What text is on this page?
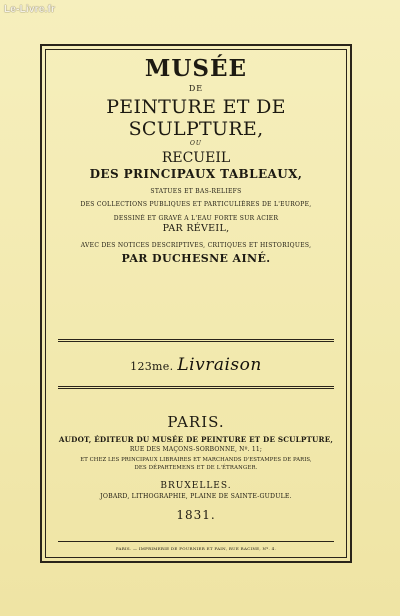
Le-Livre.fr
MUSÉE
DE
PEINTURE ET DE SCULPTURE,
OU
RECUEIL
DES PRINCIPAUX TABLEAUX,
STATUES ET BAS-RELIEFS
DES COLLECTIONS PUBLIQUES ET PARTICULIÈRES DE L'EUROPE,
DESSINÉ ET GRAVÉ A L'EAU FORTE SUR ACIER
PAR RÉVEIL,
AVEC DES NOTICES DESCRIPTIVES, CRITIQUES ET HISTORIQUES,
PAR DUCHESNE AINÉ.
123me. Livraison
PARIS.
AUDOT, ÉDITEUR DU MUSÉE DE PEINTURE ET DE SCULPTURE,
RUE DES MAÇONS-SORBONNE, Nº. 11;
ET CHEZ LES PRINCIPAUX LIBRAIRES ET MARCHANDS D'ESTAMPES DE PARIS,
DES DÉPARTEMENS ET DE L'ÉTRANGER.
BRUXELLES.
JOBARD, LITHOGRAPHIE, PLAINE DE SAINTE-GUDULE.
1831.
PARIS. — IMPRIMERIE DE FOURNIER ET FAIN, RUE RACINE, Nº. 4.
